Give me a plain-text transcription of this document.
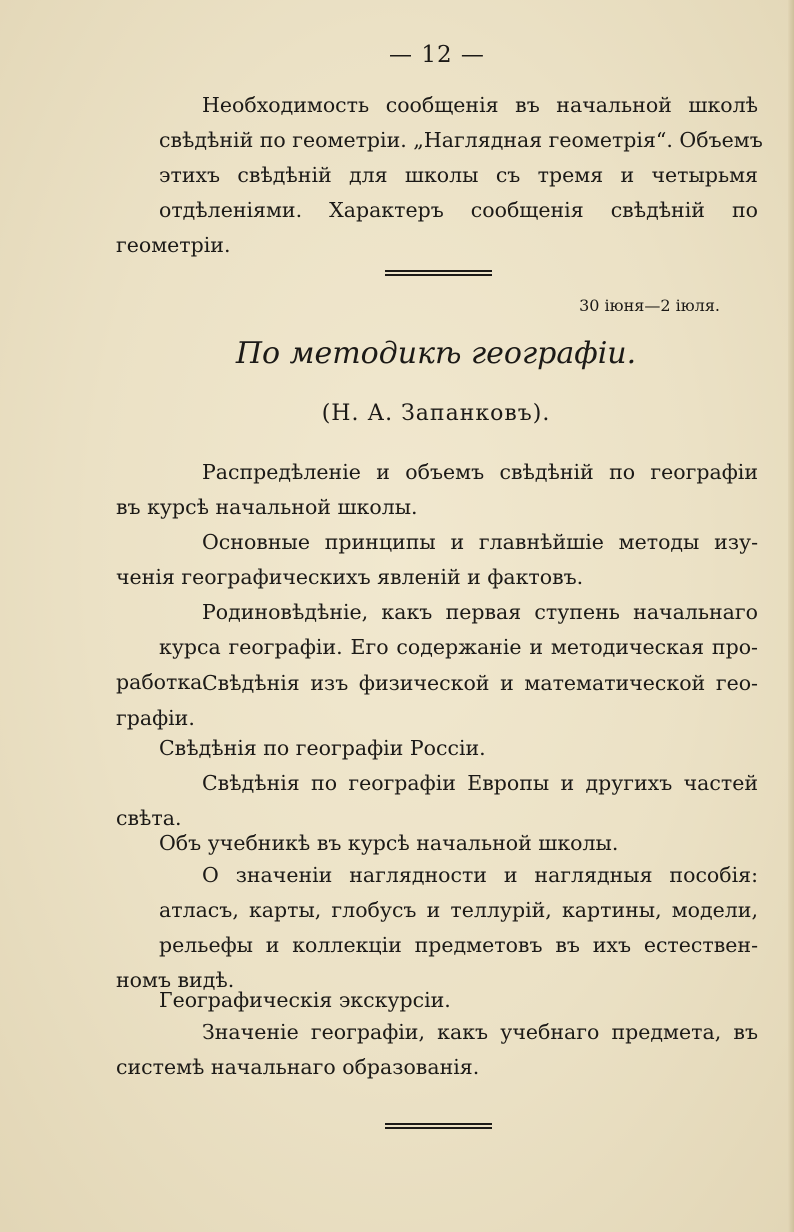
— 12 —

Необходимость сообщенія въ начальной школѣ
свѣдѣній по геометріи. „Наглядная геометрія“. Объемъ
этихъ свѣдѣній для школы съ тремя и четырьмя
отдѣленіями. Характеръ сообщенія свѣдѣній по
геометріи.

30 іюня—2 іюля.
По методикѣ географіи.
(Н. А. Запанковъ).

Распредѣленіе и объемъ свѣдѣній по географіи
въ курсѣ начальной школы.

Основные принципы и главнѣйшіе методы изу-
ченія географическихъ явленій и фактовъ.

Родиновѣдѣніе, какъ первая ступень начальнаго
курса географіи. Его содержаніе и методическая про-
работка.

Свѣдѣнія изъ физической и математической гео-
графіи.

Свѣдѣнія по географіи Россіи.

Свѣдѣнія по географіи Европы и другихъ частей
свѣта.

Объ учебникѣ въ курсѣ начальной школы.

О значеніи наглядности и наглядныя пособія:
атласъ, карты, глобусъ и теллурій, картины, модели,
рельефы и коллекціи предметовъ въ ихъ естествен-
номъ видѣ.

Географическія экскурсіи.

Значеніе географіи, какъ учебнаго предмета, въ
системѣ начальнаго образованія.
